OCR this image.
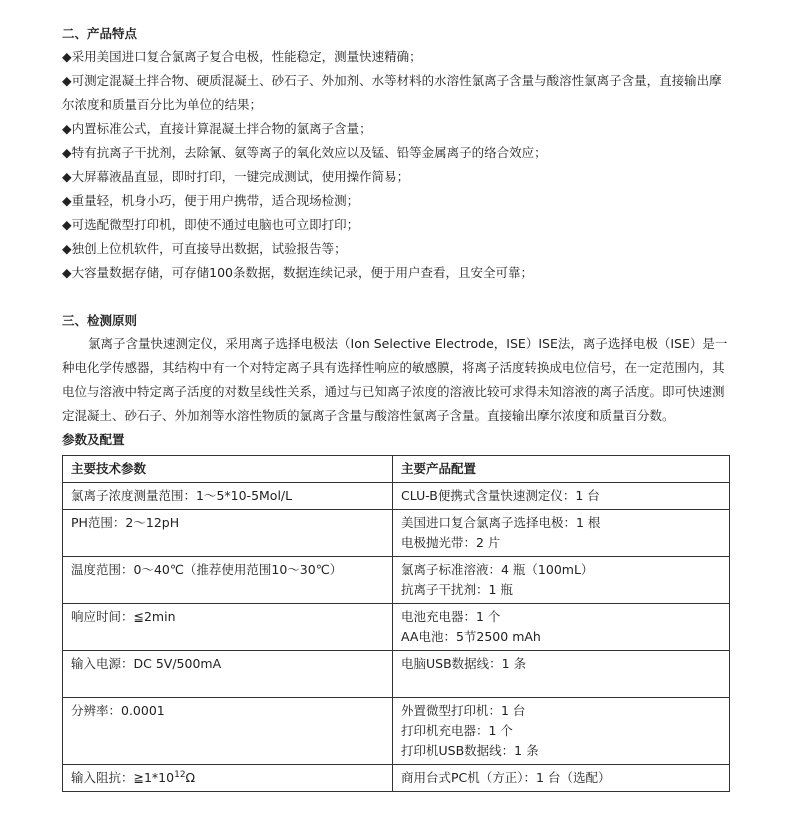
二、产品特点
◆采用美国进口复合氯离子复合电极，性能稳定，测量快速精确；
◆可测定混凝土拌合物、硬质混凝土、砂石子、外加剂、水等材料的水溶性氯离子含量与酸溶性氯离子含量，直接输出摩尔浓度和质量百分比为单位的结果；
◆内置标准公式，直接计算混凝土拌合物的氯离子含量；
◆特有抗离子干扰剂，去除氰、氨等离子的氧化效应以及锰、铅等金属离子的络合效应；
◆大屏幕液晶直显，即时打印，一键完成测试，使用操作简易；
◆重量轻，机身小巧，便于用户携带，适合现场检测；
◆可选配微型打印机，即使不通过电脑也可立即打印；
◆独创上位机软件，可直接导出数据，试验报告等；
◆大容量数据存储，可存储100条数据，数据连续记录，便于用户查看，且安全可靠；
三、检测原则

氯离子含量快速测定仪，采用离子选择电极法（Ion Selective Electrode，ISE）ISE法，离子选择电极（ISE）是一种电化学传感器，其结构中有一个对特定离子具有选择性响应的敏感膜，将离子活度转换成电位信号，在一定范围内，其电位与溶液中特定离子活度的对数呈线性关系，通过与已知离子浓度的溶液比较可求得未知溶液的离子活度。即可快速测定混凝土、砂石子、外加剂等水溶性物质的氯离子含量与酸溶性氯离子含量。直接输出摩尔浓度和质量百分数。

参数及配置
主要技术参数	主要产品配置
氯离子浓度测量范围：1～5*10-5Mol/L	CLU-B便携式含量快速测定仪：1 台

PH范围：2～12pH	美国进口复合氯离子选择电极：1 根
电极抛光带：2 片

温度范围：0～40℃（推荐使用范围10～30℃）	氯离子标准溶液：4 瓶（100mL）
抗离子干扰剂：1 瓶

响应时间：≦2min	电池充电器：1 个
AA电池：5节2500 mAh

输入电源：DC 5V/500mA	电脑USB数据线：1 条

分辨率：0.0001	外置微型打印机：1 台
打印机充电器：1 个
打印机USB数据线：1 条

输入阻抗：$≧1*10^{12}\Omega$	商用台式PC机（方正）：1 台（选配）
